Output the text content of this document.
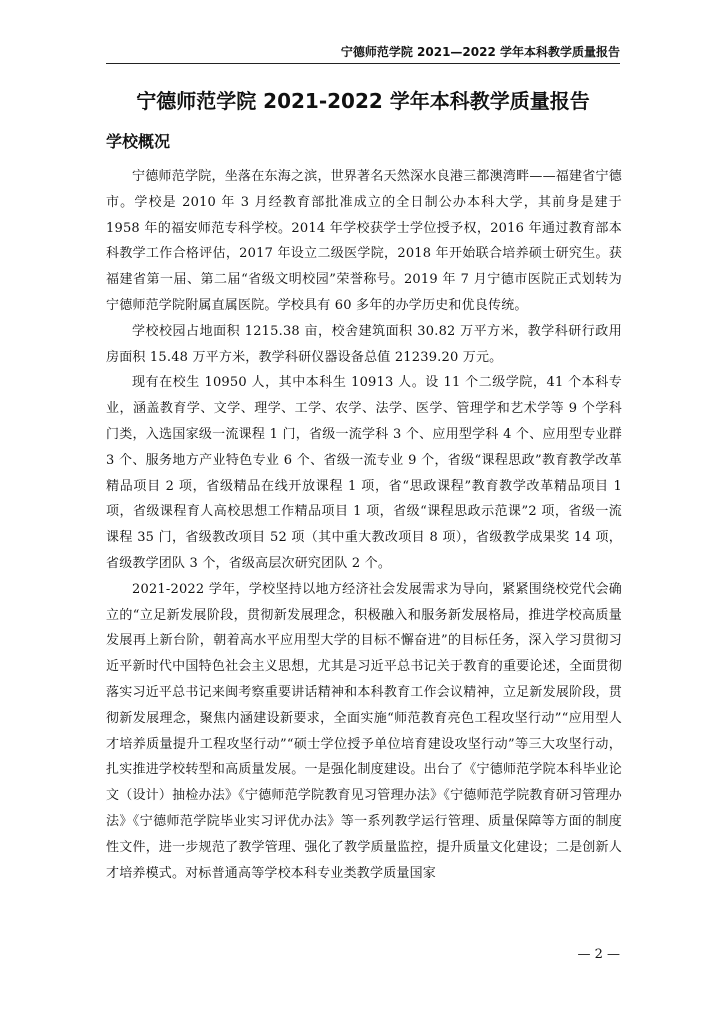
宁德师范学院 2021—2022 学年本科教学质量报告
宁德师范学院 2021-2022 学年本科教学质量报告
学校概况

宁德师范学院，坐落在东海之滨，世界著名天然深水良港三都澳湾畔——福建省宁德市。学校是 2010 年 3 月经教育部批准成立的全日制公办本科大学，其前身是建于 1958 年的福安师范专科学校。2014 年学校获学士学位授予权，2016 年通过教育部本科教学工作合格评估，2017 年设立二级医学院，2018 年开始联合培养硕士研究生。获福建省第一届、第二届“省级文明校园”荣誉称号。2019 年 7 月宁德市医院正式划转为宁德师范学院附属直属医院。学校具有 60 多年的办学历史和优良传统。

学校校园占地面积 1215.38 亩，校舍建筑面积 30.82 万平方米，教学科研行政用房面积 15.48 万平方米，教学科研仪器设备总值 21239.20 万元。

现有在校生 10950 人，其中本科生 10913 人。设 11 个二级学院，41 个本科专业，涵盖教育学、文学、理学、工学、农学、法学、医学、管理学和艺术学等 9 个学科门类，入选国家级一流课程 1 门，省级一流学科 3 个、应用型学科 4 个、应用型专业群 3 个、服务地方产业特色专业 6 个、省级一流专业 9 个，省级“课程思政”教育教学改革精品项目 2 项，省级精品在线开放课程 1 项，省“思政课程”教育教学改革精品项目 1 项，省级课程育人高校思想工作精品项目 1 项，省级“课程思政示范课”2 项，省级一流课程 35 门，省级教改项目 52 项（其中重大教改项目 8 项），省级教学成果奖 14 项，省级教学团队 3 个，省级高层次研究团队 2 个。

2021-2022 学年，学校坚持以地方经济社会发展需求为导向，紧紧围绕校党代会确立的“立足新发展阶段，贯彻新发展理念，积极融入和服务新发展格局，推进学校高质量发展再上新台阶，朝着高水平应用型大学的目标不懈奋进”的目标任务，深入学习贯彻习近平新时代中国特色社会主义思想，尤其是习近平总书记关于教育的重要论述，全面贯彻落实习近平总书记来闽考察重要讲话精神和本科教育工作会议精神，立足新发展阶段，贯彻新发展理念，聚焦内涵建设新要求，全面实施“师范教育亮色工程攻坚行动”“应用型人才培养质量提升工程攻坚行动”“硕士学位授予单位培育建设攻坚行动”等三大攻坚行动，扎实推进学校转型和高质量发展。一是强化制度建设。出台了《宁德师范学院本科毕业论文（设计）抽检办法》《宁德师范学院教育见习管理办法》《宁德师范学院教育研习管理办法》《宁德师范学院毕业实习评优办法》等一系列教学运行管理、质量保障等方面的制度性文件，进一步规范了教学管理、强化了教学质量监控，提升质量文化建设；二是创新人才培养模式。对标普通高等学校本科专业类教学质量国家

— 2 —
